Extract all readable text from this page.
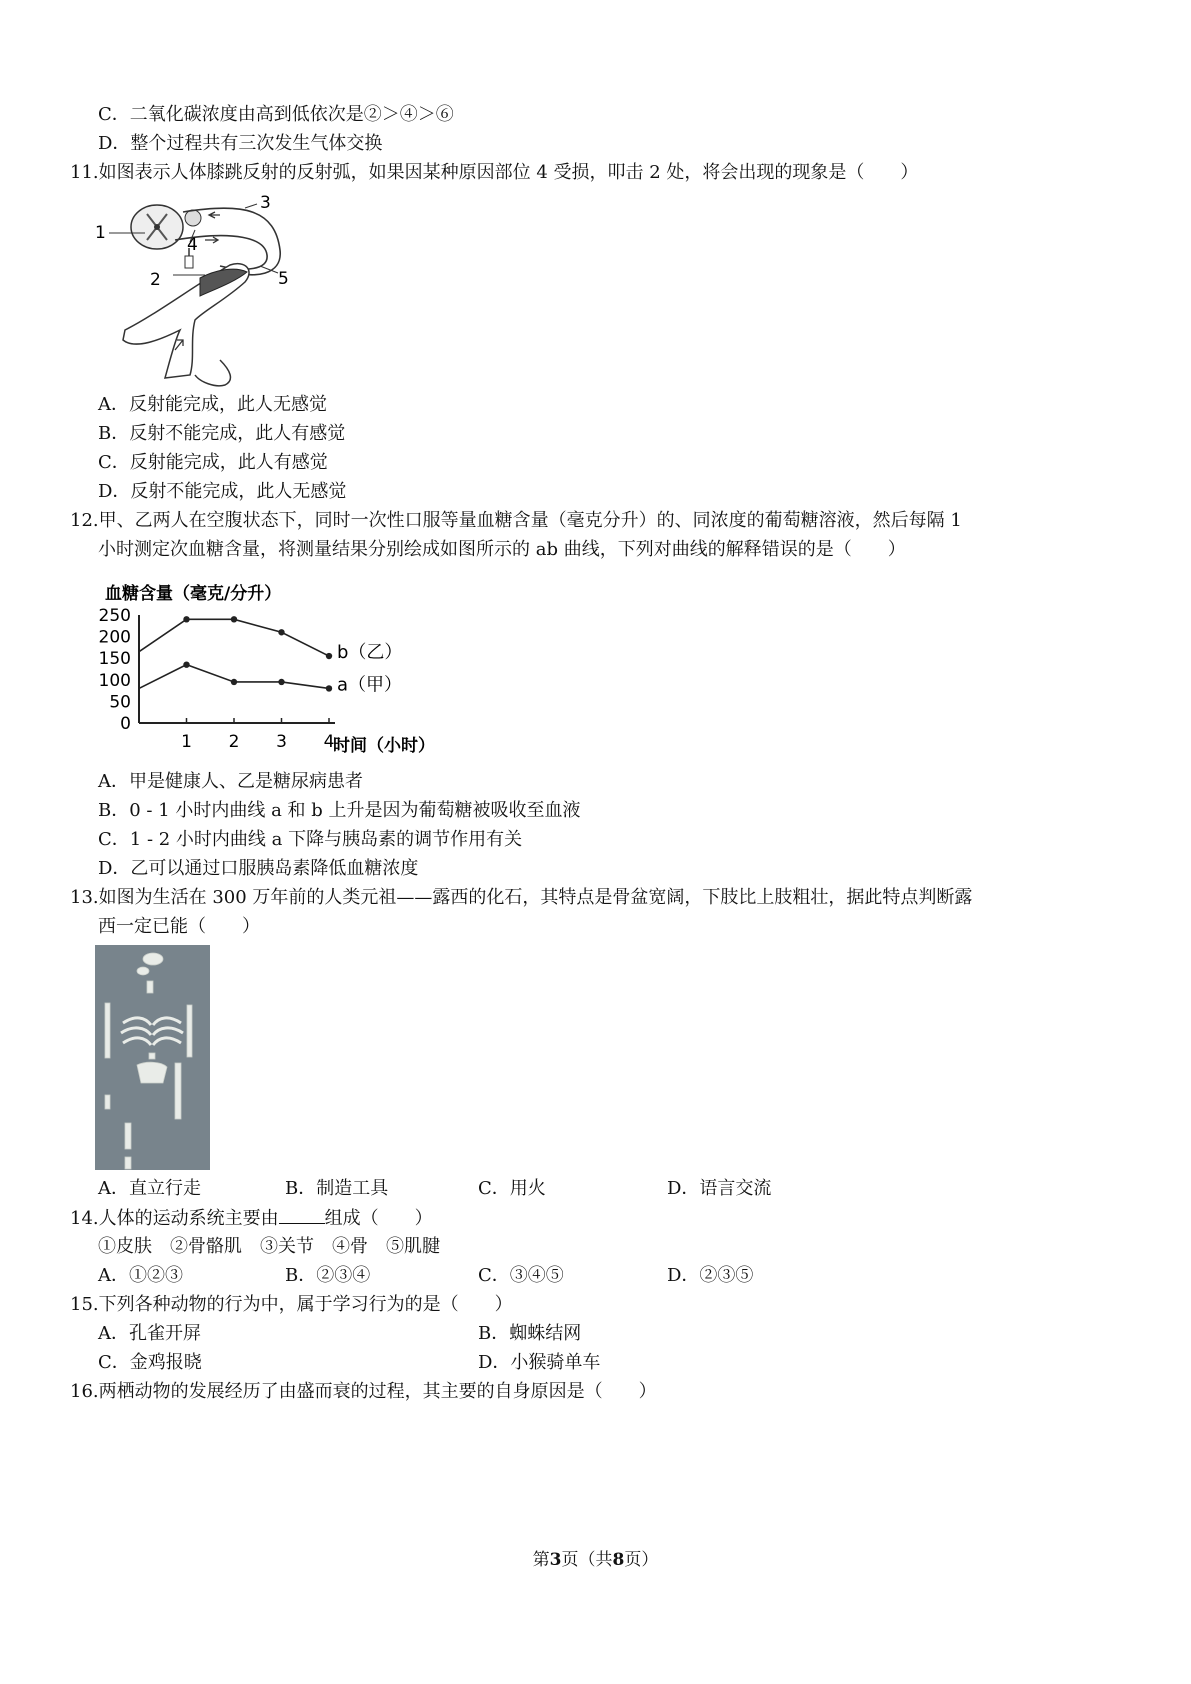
C．二氧化碳浓度由高到低依次是②＞④＞⑥
D．整个过程共有三次发生气体交换
11.如图表示人体膝跳反射的反射弧，如果因某种原因部位 4 受损，叩击 2 处，将会出现的现象是（　　）
1
2
3
4
5
A．反射能完成，此人无感觉
B．反射不能完成，此人有感觉
C．反射能完成，此人有感觉
D．反射不能完成，此人无感觉
12.甲、乙两人在空腹状态下，同时一次性口服等量血糖含量（毫克分升）的、同浓度的葡萄糖溶液，然后每隔 1
小时测定次血糖含量，将测量结果分别绘成如图所示的 ab 曲线，下列对曲线的解释错误的是（　　）
血糖含量（毫克/分升）
0
50
100
150
200
250
1 2 3 4
b（乙）
a（甲）
时间（小时）
A．甲是健康人、乙是糖尿病患者
B．0 - 1 小时内曲线 a 和 b 上升是因为葡萄糖被吸收至血液
C．1 - 2 小时内曲线 a 下降与胰岛素的调节作用有关
D．乙可以通过口服胰岛素降低血糖浓度
13.如图为生活在 300 万年前的人类元祖——露西的化石，其特点是骨盆宽阔，下肢比上肢粗壮，据此特点判断露
西一定已能（　　）
A．直立行走	B．制造工具	C．用火	D．语言交流
14.人体的运动系统主要由	组成（　　）
①皮肤　②骨骼肌　③关节　④骨　⑤肌腱
A．①②③	B．②③④	C．③④⑤	D．②③⑤
15.下列各种动物的行为中，属于学习行为的是（　　）
A．孔雀开屏	B．蜘蛛结网
C．金鸡报晓	D．小猴骑单车
16.两栖动物的发展经历了由盛而衰的过程，其主要的自身原因是（　　）
第3页（共8页）
